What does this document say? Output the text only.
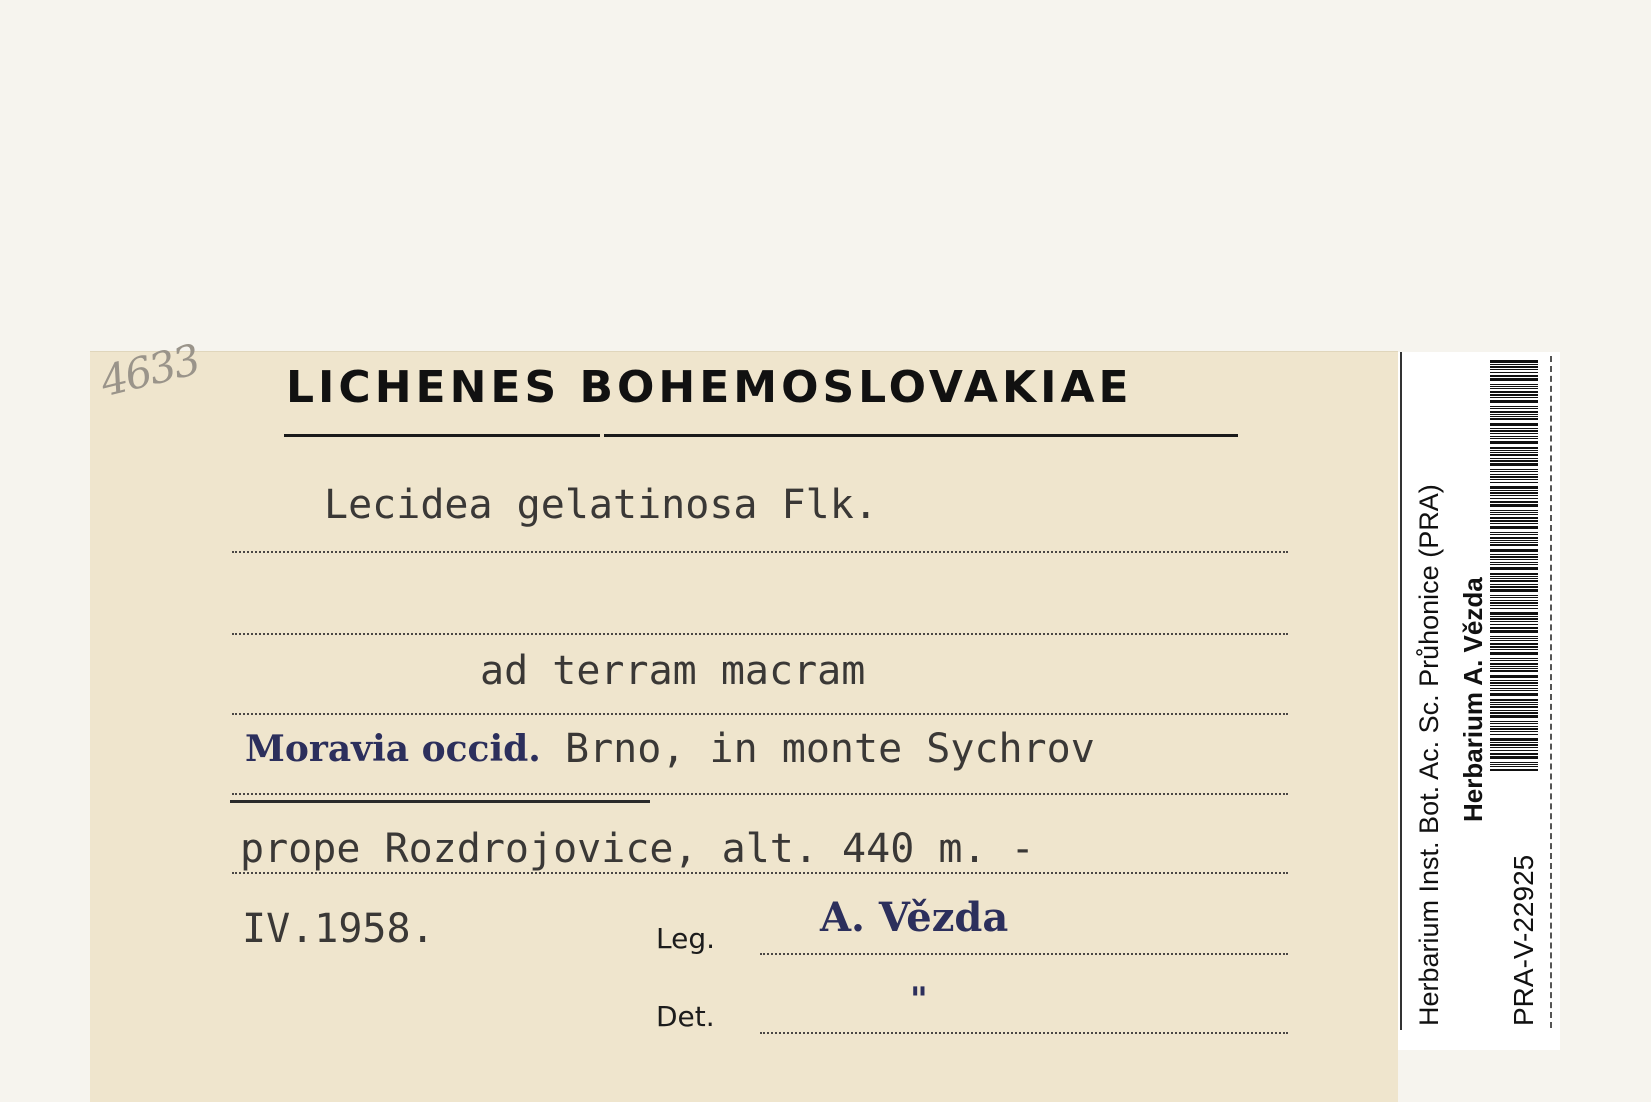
4633 LICHENES BOHEMOSLOVAKIAE
Lecidea gelatinosa Flk.
ad terram macram
Moravia occid. Brno, in monte Sychrov
prope Rozdrojovice, alt. 440 m. -
IV.1958.	Leg.	A. Vězda
Det.	"	Herbarium Inst. Bot. Ac. Sc. Průhonice (PRA) Herbarium A. Vězda
PRA-V-22925
